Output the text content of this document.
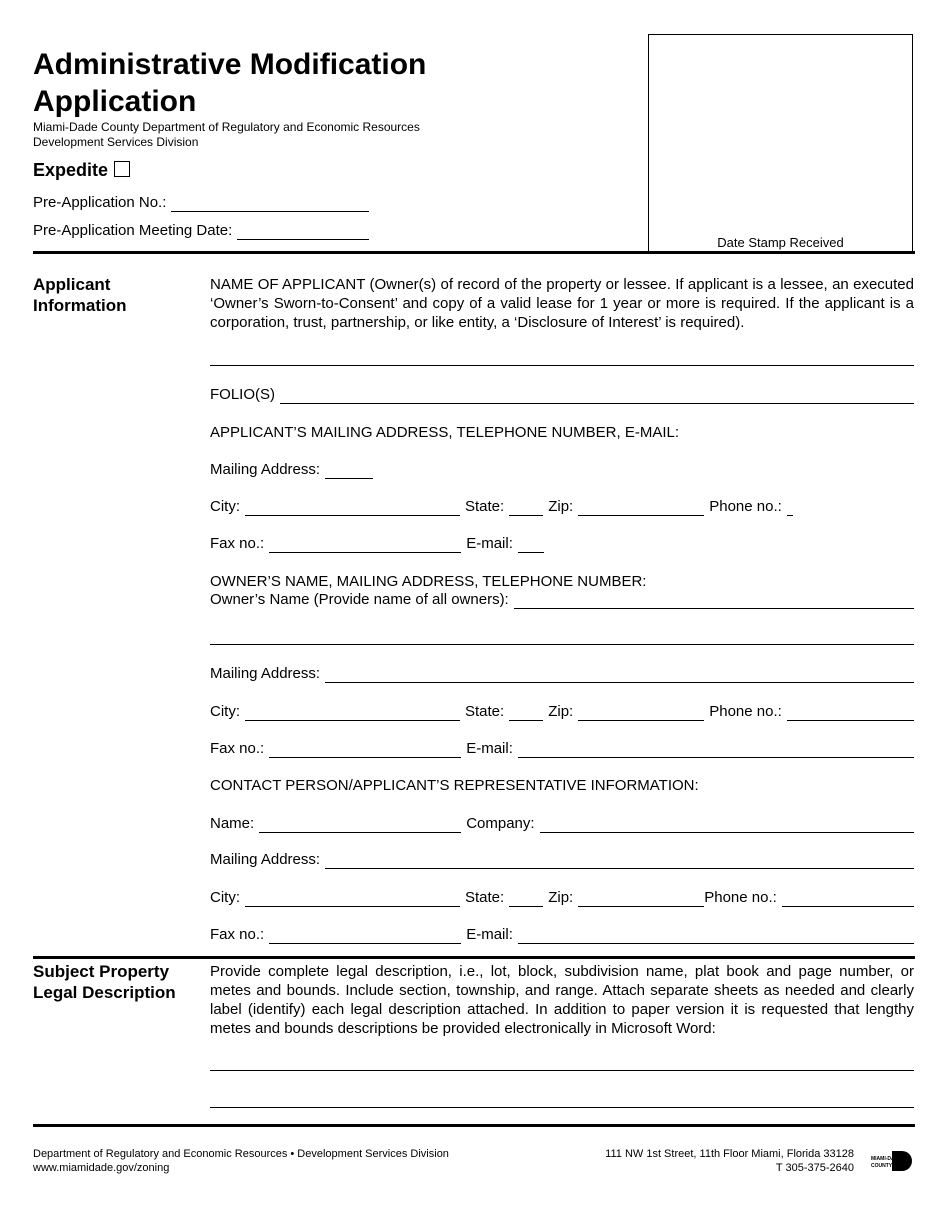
Administrative Modification
Application
Miami-Dade County Department of Regulatory and Economic Resources
Development Services Division
Expedite
Pre-Application No.:
Pre-Application Meeting Date:
Date Stamp Received
Applicant
Information
NAME OF APPLICANT (Owner(s) of record of the property or lessee. If applicant is a lessee, an executed ‘Owner’s Sworn-to-Consent’ and copy of a valid lease for 1 year or more is required. If the applicant is a corporation, trust, partnership, or like entity, a ‘Disclosure of Interest’ is required).
FOLIO(S)
APPLICANT’S MAILING ADDRESS, TELEPHONE NUMBER, E-MAIL:
Mailing Address:
City:	State:	Zip:	Phone no.:
Fax no.:	E-mail:
OWNER’S NAME, MAILING ADDRESS, TELEPHONE NUMBER:
Owner’s Name (Provide name of all owners):
Mailing Address:
City:	State:	Zip:	Phone no.:
Fax no.:	E-mail:
CONTACT PERSON/APPLICANT’S REPRESENTATIVE INFORMATION:
Name:	Company:
Mailing Address:
City:	State:	Zip:	Phone no.:
Fax no.:	E-mail:
Subject Property
Legal Description
Provide complete legal description, i.e., lot, block, subdivision name, plat book and page number, or metes and bounds. Include section, township, and range. Attach separate sheets as needed and clearly label (identify) each legal description attached. In addition to paper version it is requested that lengthy metes and bounds descriptions be provided electronically in Microsoft Word:
Department of Regulatory and Economic Resources • Development Services Division
www.miamidade.gov/zoning
111 NW 1st Street, 11th Floor Miami, Florida 33128
T 305-375-2640
MIAMI-DADE
COUNTY
